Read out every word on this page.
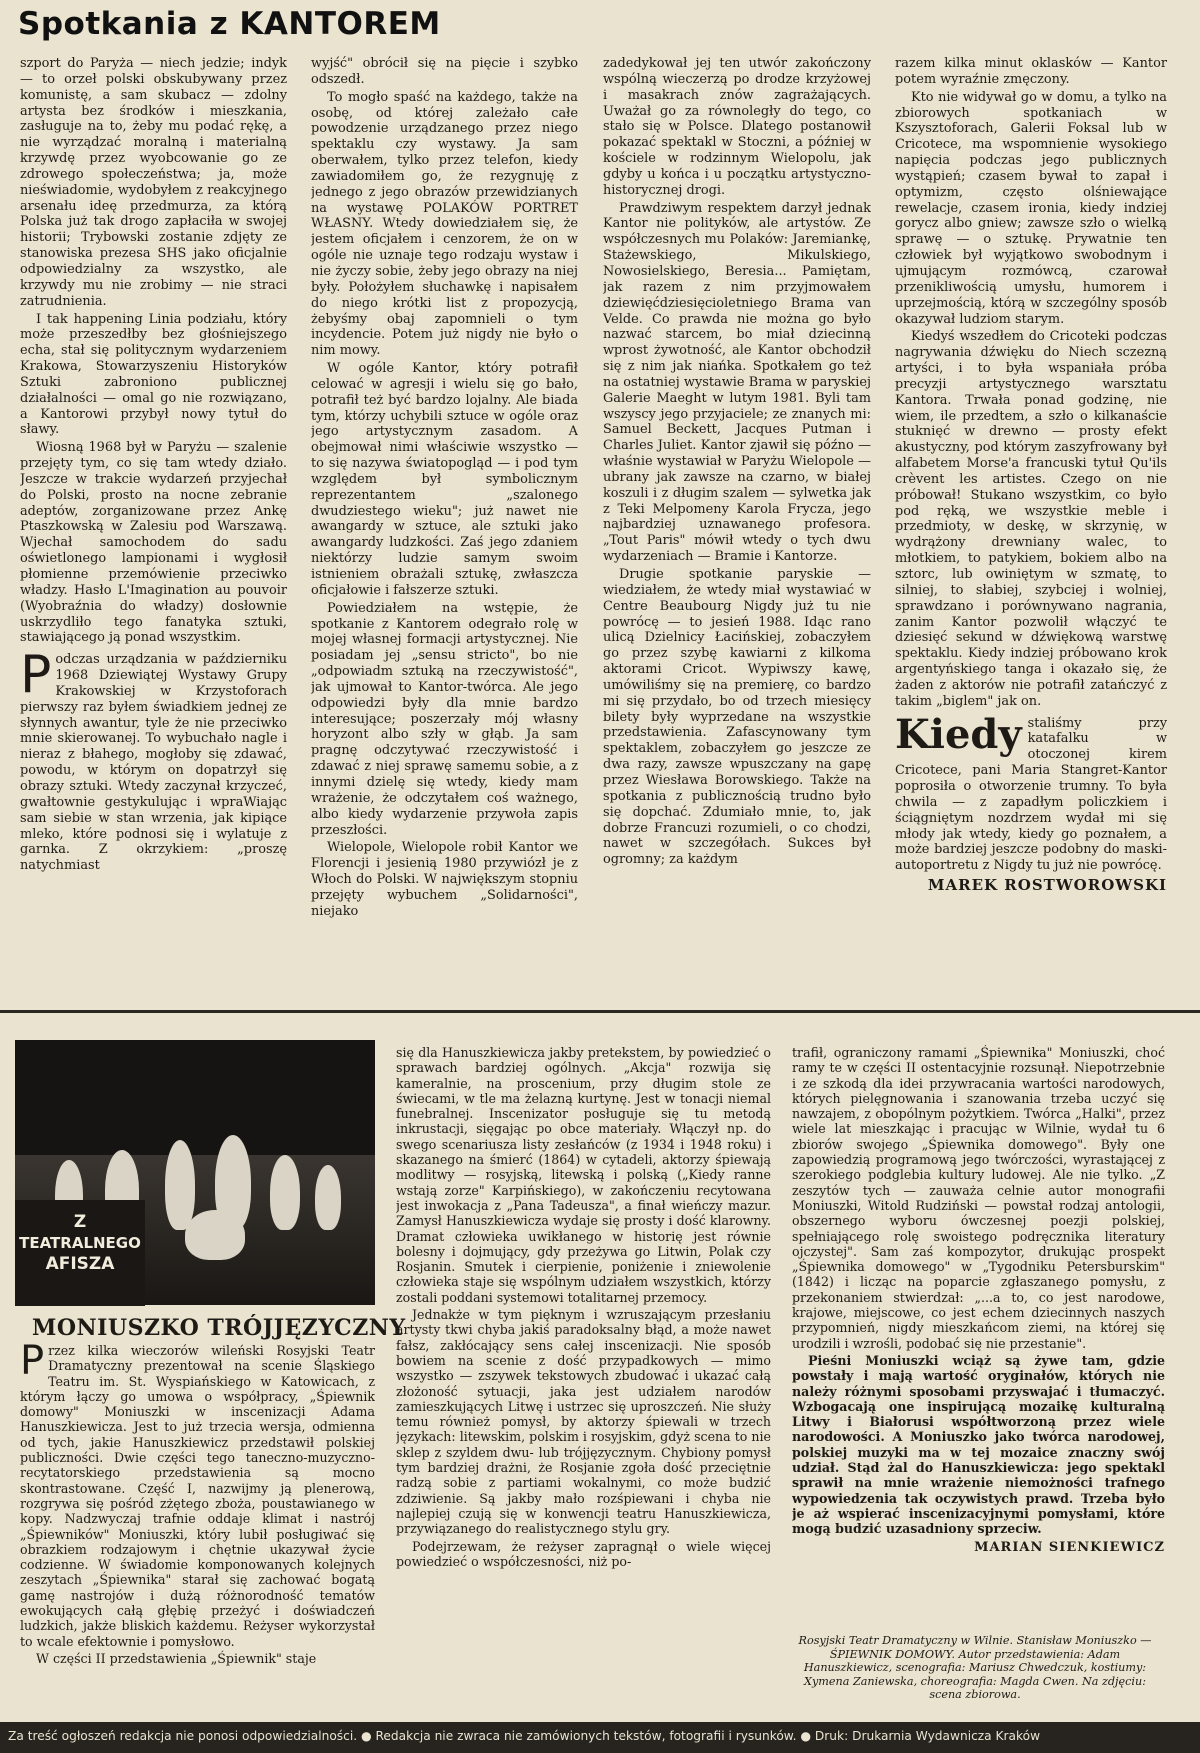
Spotkania z KANTOREM

szport do Paryża — niech jedzie; indyk — to orzeł polski obskubywany przez komunistę, a sam skubacz — zdolny artysta bez środków i mieszkania, zasługuje na to, żeby mu podać rękę, a nie wyrządzać moralną i materialną krzywdę przez wyobcowanie go ze zdrowego społeczeństwa; ja, może nieświadomie, wydobyłem z reakcyjnego arsenału ideę przedmurza, za którą Polska już tak drogo zapłaciła w swojej historii; Trybowski zostanie zdjęty ze stanowiska prezesa SHS jako oficjalnie odpowiedzialny za wszystko, ale krzywdy mu nie zrobimy — nie straci zatrudnienia.

I tak happening Linia podziału, który może przeszedłby bez głośniejszego echa, stał się politycznym wydarzeniem Krakowa, Stowarzyszeniu Historyków Sztuki zabroniono publicznej działalności — omal go nie rozwiązano, a Kantorowi przybył nowy tytuł do sławy.

Wiosną 1968 był w Paryżu — szalenie przejęty tym, co się tam wtedy działo. Jeszcze w trakcie wydarzeń przyjechał do Polski, prosto na nocne zebranie adeptów, zorganizowane przez Ankę Ptaszkowską w Zalesiu pod Warszawą. Wjechał samochodem do sadu oświetlonego lampionami i wygłosił płomienne przemówienie przeciwko władzy. Hasło L'Imagination au pouvoir (Wyobraźnia do władzy) dosłownie uskrzydliło tego fanatyka sztuki, stawiającego ją ponad wszystkim.

Podczas urządzania w październiku 1968 Dziewiątej Wystawy Grupy Krakowskiej w Krzystoforach pierwszy raz byłem świadkiem jednej ze słynnych awantur, tyle że nie przeciwko mnie skierowanej. To wybuchało nagle i nieraz z błahego, mogłoby się zdawać, powodu, w którym on dopatrzył się obrazy sztuki. Wtedy zaczynał krzyczeć, gwałtownie gestykulując i wpraWiając sam siebie w stan wrzenia, jak kipiące mleko, które podnosi się i wylatuje z garnka. Z okrzykiem: „proszę natychmiast

wyjść" obrócił się na pięcie i szybko odszedł.

To mogło spaść na każdego, także na osobę, od której zależało całe powodzenie urządzanego przez niego spektaklu czy wystawy. Ja sam oberwałem, tylko przez telefon, kiedy zawiadomiłem go, że rezygnuję z jednego z jego obrazów przewidzianych na wystawę POLAKÓW PORTRET WŁASNY. Wtedy dowiedziałem się, że jestem oficjałem i cenzorem, że on w ogóle nie uznaje tego rodzaju wystaw i nie życzy sobie, żeby jego obrazy na niej były. Położyłem słuchawkę i napisałem do niego krótki list z propozycją, żebyśmy obaj zapomnieli o tym incydencie. Potem już nigdy nie było o nim mowy.

W ogóle Kantor, który potrafił celować w agresji i wielu się go bało, potrafił też być bardzo lojalny. Ale biada tym, którzy uchybili sztuce w ogóle oraz jego artystycznym zasadom. A obejmował nimi właściwie wszystko — to się nazywa światopogląd — i pod tym względem był symbolicznym reprezentantem „szalonego dwudziestego wieku"; już nawet nie awangardy w sztuce, ale sztuki jako awangardy ludzkości. Zaś jego zdaniem niektórzy ludzie samym swoim istnieniem obrażali sztukę, zwłaszcza oficjałowie i fałszerze sztuki.

Powiedziałem na wstępie, że spotkanie z Kantorem odegrało rolę w mojej własnej formacji artystycznej. Nie posiadam jej „sensu stricto", bo nie „odpowiadm sztuką na rzeczywistość", jak ujmował to Kantor-twórca. Ale jego odpowiedzi były dla mnie bardzo interesujące; poszerzały mój własny horyzont albo szły w głąb. Ja sam pragnę odczytywać rzeczywistość i zdawać z niej sprawę samemu sobie, a z innymi dzielę się wtedy, kiedy mam wrażenie, że odczytałem coś ważnego, albo kiedy wydarzenie przywoła zapis przeszłości.

Wielopole, Wielopole robił Kantor we Florencji i jesienią 1980 przywiózł je z Włoch do Polski. W największym stopniu przejęty wybuchem „Solidarności", niejako

zadedykował jej ten utwór zakończony wspólną wieczerzą po drodze krzyżowej i masakrach znów zagrażających. Uważał go za równoległy do tego, co stało się w Polsce. Dlatego postanowił pokazać spektakl w Stoczni, a później w kościele w rodzinnym Wielopolu, jak gdyby u końca i u początku artystyczno-historycznej drogi.

Prawdziwym respektem darzył jednak Kantor nie polityków, ale artystów. Ze współczesnych mu Polaków: Jaremiankę, Stażewskiego, Mikulskiego, Nowosielskiego, Beresia... Pamiętam, jak razem z nim przyjmowałem dziewięćdziesięcioletniego Brama van Velde. Co prawda nie można go było nazwać starcem, bo miał dziecinną wprost żywotność, ale Kantor obchodził się z nim jak niańka. Spotkałem go też na ostatniej wystawie Brama w paryskiej Galerie Maeght w lutym 1981. Byli tam wszyscy jego przyjaciele; ze znanych mi: Samuel Beckett, Jacques Putman i Charles Juliet. Kantor zjawił się późno — właśnie wystawiał w Paryżu Wielopole — ubrany jak zawsze na czarno, w białej koszuli i z długim szalem — sylwetka jak z Teki Melpomeny Karola Frycza, jego najbardziej uznawanego profesora. „Tout Paris" mówił wtedy o tych dwu wydarzeniach — Bramie i Kantorze.

Drugie spotkanie paryskie — wiedziałem, że wtedy miał wystawiać w Centre Beaubourg Nigdy już tu nie powrócę — to jesień 1988. Idąc rano ulicą Dzielnicy Łacińskiej, zobaczyłem go przez szybę kawiarni z kilkoma aktorami Cricot. Wypiwszy kawę, umówiliśmy się na premierę, co bardzo mi się przydało, bo od trzech miesięcy bilety były wyprzedane na wszystkie przedstawienia. Zafascynowany tym spektaklem, zobaczyłem go jeszcze ze dwa razy, zawsze wpuszczany na gapę przez Wiesława Borowskiego. Także na spotkania z publicznością trudno było się dopchać. Zdumiało mnie, to, jak dobrze Francuzi rozumieli, o co chodzi, nawet w szczegółach. Sukces był ogromny; za każdym

razem kilka minut oklasków — Kantor potem wyraźnie zmęczony.

Kto nie widywał go w domu, a tylko na zbiorowych spotkaniach w Kszysztoforach, Galerii Foksal lub w Cricotece, ma wspomnienie wysokiego napięcia podczas jego publicznych wystąpień; czasem bywał to zapał i optymizm, często olśniewające rewelacje, czasem ironia, kiedy indziej gorycz albo gniew; zawsze szło o wielką sprawę — o sztukę. Prywatnie ten człowiek był wyjątkowo swobodnym i ujmującym rozmówcą, czarował przenikliwością umysłu, humorem i uprzejmością, którą w szczególny sposób okazywał ludziom starym.

Kiedyś wszedłem do Cricoteki podczas nagrywania dźwięku do Niech sczezną artyści, i to była wspaniała próba precyzji artystycznego warsztatu Kantora. Trwała ponad godzinę, nie wiem, ile przedtem, a szło o kilkanaście stuknięć w drewno — prosty efekt akustyczny, pod którym zaszyfrowany był alfabetem Morse'a francuski tytuł Qu'ils crèvent les artistes. Czego on nie próbował! Stukano wszystkim, co było pod ręką, we wszystkie meble i przedmioty, w deskę, w skrzynię, w wydrążony drewniany walec, to młotkiem, to patykiem, bokiem albo na sztorc, lub owiniętym w szmatę, to silniej, to słabiej, szybciej i wolniej, sprawdzano i porównywano nagrania, zanim Kantor pozwolił włączyć te dziesięć sekund w dźwiękową warstwę spektaklu. Kiedy indziej próbowano krok argentyńskiego tanga i okazało się, że żaden z aktorów nie potrafił zatańczyć z takim „biglem" jak on.

Kiedy staliśmy przy katafalku w otoczonej kirem Cricotece, pani Maria Stangret-Kantor poprosiła o otworzenie trumny. To była chwila — z zapadłym policzkiem i ściągniętym nozdrzem wydał mi się młody jak wtedy, kiedy go poznałem, a może bardziej jeszcze podobny do maski-autoportretu z Nigdy tu już nie powrócę.

MAREK ROSTWOROWSKI
Z
TEATRALNEGO
AFISZA
MONIUSZKO TRÓJJĘZYCZNY

Przez kilka wieczorów wileński Rosyjski Teatr Dramatyczny prezentował na scenie Śląskiego Teatru im. St. Wyspiańskiego w Katowicach, z którym łączy go umowa o współpracy, „Śpiewnik domowy" Moniuszki w inscenizacji Adama Hanuszkiewicza. Jest to już trzecia wersja, odmienna od tych, jakie Hanuszkiewicz przedstawił polskiej publiczności. Dwie części tego taneczno-muzyczno-recytatorskiego przedstawienia są mocno skontrastowane. Część I, nazwijmy ją plenerową, rozgrywa się pośród zżętego zboża, poustawianego w kopy. Nadzwyczaj trafnie oddaje klimat i nastrój „Śpiewników" Moniuszki, który lubił posługiwać się obrazkiem rodzajowym i chętnie ukazywał życie codzienne. W świadomie komponowanych kolejnych zeszytach „Śpiewnika" starał się zachować bogatą gamę nastrojów i dużą różnorodność tematów ewokujących całą głębię przeżyć i doświadczeń ludzkich, jakże bliskich każdemu. Reżyser wykorzystał to wcale efektownie i pomysłowo.

W części II przedstawienia „Śpiewnik" staje

się dla Hanuszkiewicza jakby pretekstem, by powiedzieć o sprawach bardziej ogólnych. „Akcja" rozwija się kameralnie, na proscenium, przy długim stole ze świecami, w tle ma żelazną kurtynę. Jest w tonacji niemal funebralnej. Inscenizator posługuje się tu metodą inkrustacji, sięgając po obce materiały. Włączył np. do swego scenariusza listy zesłańców (z 1934 i 1948 roku) i skazanego na śmierć (1864) w cytadeli, aktorzy śpiewają modlitwy — rosyjską, litewską i polską („Kiedy ranne wstają zorze" Karpińskiego), w zakończeniu recytowana jest inwokacja z „Pana Tadeusza", a finał wieńczy mazur. Zamysł Hanuszkiewicza wydaje się prosty i dość klarowny. Dramat człowieka uwikłanego w historię jest równie bolesny i dojmujący, gdy przeżywa go Litwin, Polak czy Rosjanin. Smutek i cierpienie, poniżenie i zniewolenie człowieka staje się wspólnym udziałem wszystkich, którzy zostali poddani systemowi totalitarnej przemocy.

Jednakże w tym pięknym i wzruszającym przesłaniu artysty tkwi chyba jakiś paradoksalny błąd, a może nawet fałsz, zakłócający sens całej inscenizacji. Nie sposób bowiem na scenie z dość przypadkowych — mimo wszystko — zszywek tekstowych zbudować i ukazać całą złożoność sytuacji, jaka jest udziałem narodów zamieszkujących Litwę i ustrzec się uproszczeń. Nie służy temu również pomysł, by aktorzy śpiewali w trzech językach: litewskim, polskim i rosyjskim, gdyż scena to nie sklep z szyldem dwu- lub trójjęzycznym. Chybiony pomysł tym bardziej drażni, że Rosjanie zgoła dość przeciętnie radzą sobie z partiami wokalnymi, co może budzić zdziwienie. Są jakby mało rozśpiewani i chyba nie najlepiej czują się w konwencji teatru Hanuszkiewicza, przywiązanego do realistycznego stylu gry.

Podejrzewam, że reżyser zapragnął o wiele więcej powiedzieć o współczesności, niż po-

trafił, ograniczony ramami „Śpiewnika" Moniuszki, choć ramy te w części II ostentacyjnie rozsunął. Niepotrzebnie i ze szkodą dla idei przywracania wartości narodowych, których pielęgnowania i szanowania trzeba uczyć się nawzajem, z obopólnym pożytkiem. Twórca „Halki", przez wiele lat mieszkając i pracując w Wilnie, wydał tu 6 zbiorów swojego „Śpiewnika domowego". Były one zapowiedzią programową jego twórczości, wyrastającej z szerokiego podglebia kultury ludowej. Ale nie tylko. „Z zeszytów tych — zauważa celnie autor monografii Moniuszki, Witold Rudziński — powstał rodzaj antologii, obszernego wyboru ówczesnej poezji polskiej, spełniającego rolę swoistego podręcznika literatury ojczystej". Sam zaś kompozytor, drukując prospekt „Śpiewnika domowego" w „Tygodniku Petersburskim" (1842) i licząc na poparcie zgłaszanego pomysłu, z przekonaniem stwierdzał: „...a to, co jest narodowe, krajowe, miejscowe, co jest echem dziecinnych naszych przypomnień, nigdy mieszkańcom ziemi, na której się urodzili i wzrośli, podobać się nie przestanie".

Pieśni Moniuszki wciąż są żywe tam, gdzie powstały i mają wartość oryginałów, których nie należy różnymi sposobami przyswajać i tłumaczyć. Wzbogacają one inspirującą mozaikę kulturalną Litwy i Białorusi współtworzoną przez wiele narodowości. A Moniuszko jako twórca narodowej, polskiej muzyki ma w tej mozaice znaczny swój udział. Stąd żal do Hanuszkiewicza: jego spektakl sprawił na mnie wrażenie niemożności trafnego wypowiedzenia tak oczywistych prawd. Trzeba było je aż wspierać inscenizacyjnymi pomysłami, które mogą budzić uzasadniony sprzeciw.

MARIAN SIENKIEWICZ
Rosyjski Teatr Dramatyczny w Wilnie. Stanisław Moniuszko — ŚPIEWNIK DOMOWY. Autor przedstawienia: Adam Hanuszkiewicz, scenografia: Mariusz Chwedczuk, kostiumy: Xymena Zaniewska, choreografia: Magda Cwen. Na zdjęciu: scena zbiorowa.
Za treść ogłoszeń redakcja nie ponosi odpowiedzialności. ● Redakcja nie zwraca nie zamówionych tekstów, fotografii i rysunków. ● Druk: Drukarnia Wydawnicza Kraków
